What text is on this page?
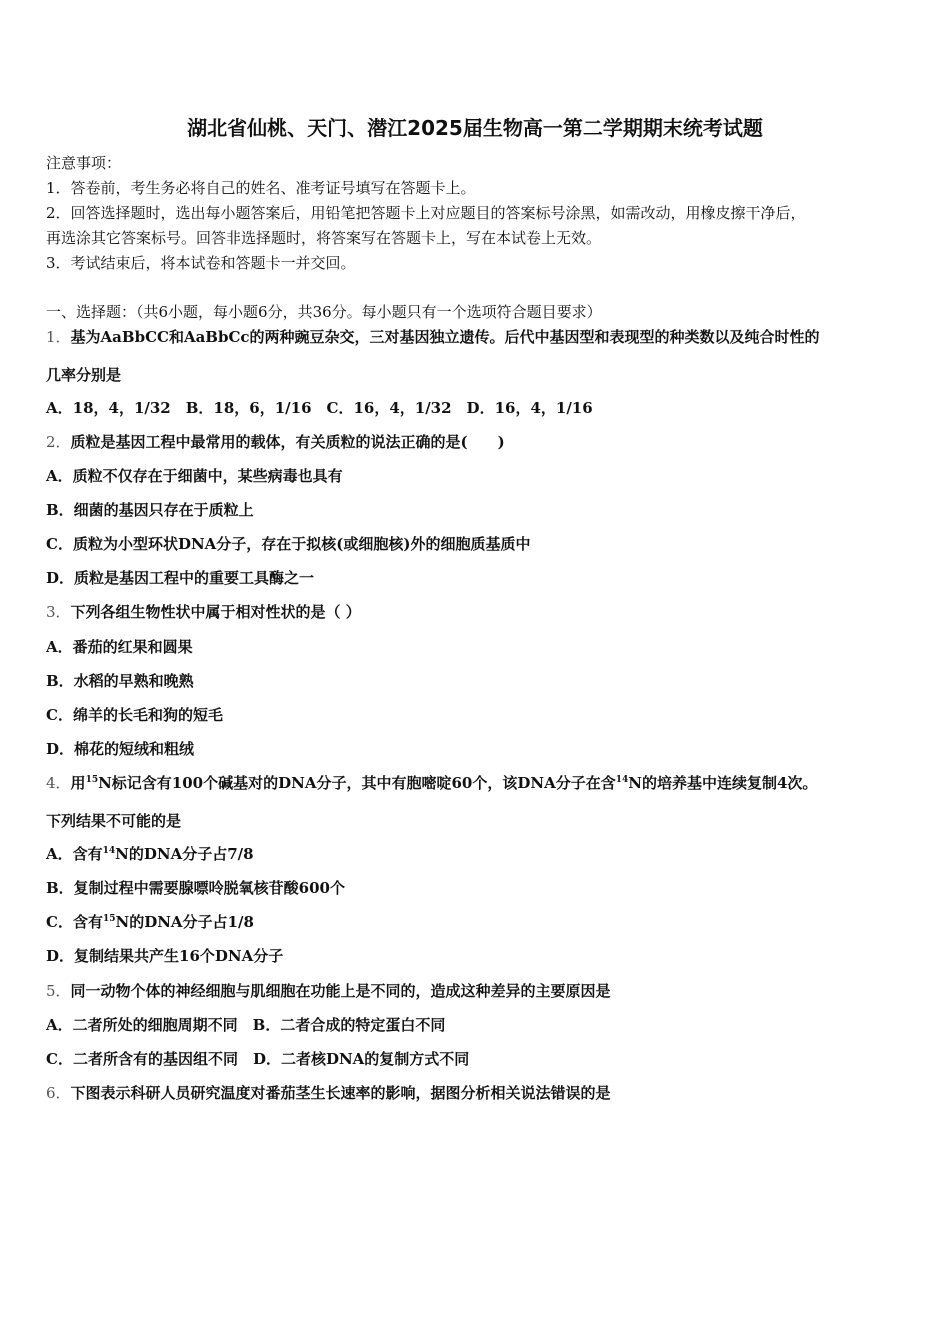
湖北省仙桃、天门、潜江2025届生物高一第二学期期末统考试题
注意事项：
1．答卷前，考生务必将自己的姓名、准考证号填写在答题卡上。
2．回答选择题时，选出每小题答案后，用铅笔把答题卡上对应题目的答案标号涂黑，如需改动，用橡皮擦干净后，
再选涂其它答案标号。回答非选择题时，将答案写在答题卡上，写在本试卷上无效。
3．考试结束后，将本试卷和答题卡一并交回。
一、选择题：（共6小题，每小题6分，共36分。每小题只有一个选项符合题目要求）
1．基为AaBbCC和AaBbCc的两种豌豆杂交，三对基因独立遗传。后代中基因型和表现型的种类数以及纯合时性的
几率分别是
A．18，4，1/32　B．18，6，1/16　C．16，4，1/32　D．16，4，1/16
2．质粒是基因工程中最常用的载体，有关质粒的说法正确的是(　　)
A．质粒不仅存在于细菌中，某些病毒也具有
B．细菌的基因只存在于质粒上
C．质粒为小型环状DNA分子，存在于拟核(或细胞核)外的细胞质基质中
D．质粒是基因工程中的重要工具酶之一
3．下列各组生物性状中属于相对性状的是（ ）
A．番茄的红果和圆果
B．水稻的早熟和晚熟
C．绵羊的长毛和狗的短毛
D．棉花的短绒和粗绒
4．用$^{15}$N标记含有100个碱基对的DNA分子，其中有胞嘧啶60个，该DNA分子在含$^{14}$N的培养基中连续复制4次。
下列结果不可能的是
A．含有$^{14}$N的DNA分子占7/8
B．复制过程中需要腺嘌呤脱氧核苷酸600个
C．含有$^{15}$N的DNA分子占1/8
D．复制结果共产生16个DNA分子
5．同一动物个体的神经细胞与肌细胞在功能上是不同的，造成这种差异的主要原因是
A．二者所处的细胞周期不同　B．二者合成的特定蛋白不同
C．二者所含有的基因组不同　D．二者核DNA的复制方式不同
6．下图表示科研人员研究温度对番茄茎生长速率的影响，据图分析相关说法错误的是
